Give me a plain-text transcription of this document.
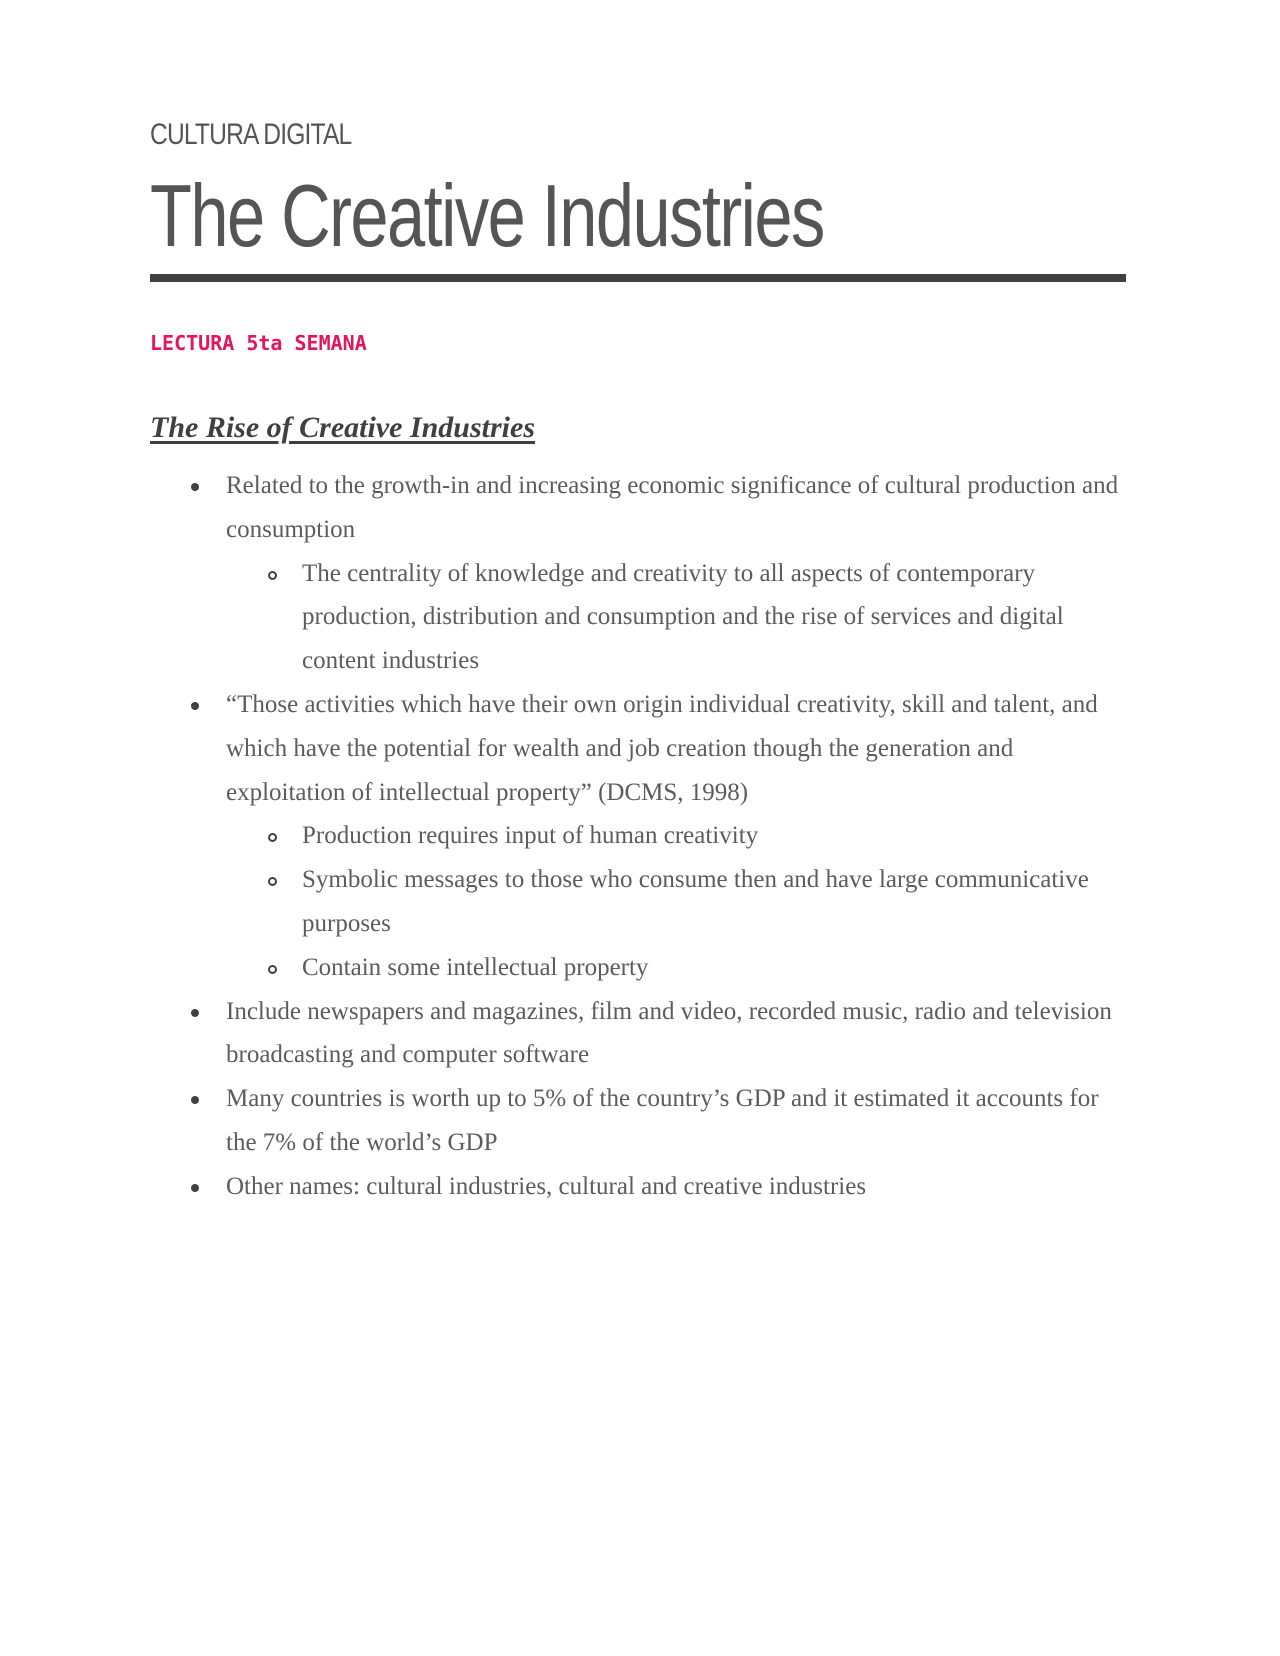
CULTURA DIGITAL
The Creative Industries
LECTURA 5ta SEMANA
The Rise of Creative Industries
Related to the growth-in and increasing economic significance of cultural production and consumption
The centrality of knowledge and creativity to all aspects of contemporary production, distribution and consumption and the rise of services and digital content industries
“Those activities which have their own origin individual creativity, skill and talent, and which have the potential for wealth and job creation though the generation and exploitation of intellectual property” (DCMS, 1998)
Production requires input of human creativity
Symbolic messages to those who consume then and have large communicative purposes
Contain some intellectual property
Include newspapers and magazines, film and video, recorded music, radio and television broadcasting and computer software
Many countries is worth up to 5% of the country’s GDP and it estimated it accounts for the 7% of the world’s GDP
Other names: cultural industries, cultural and creative industries
